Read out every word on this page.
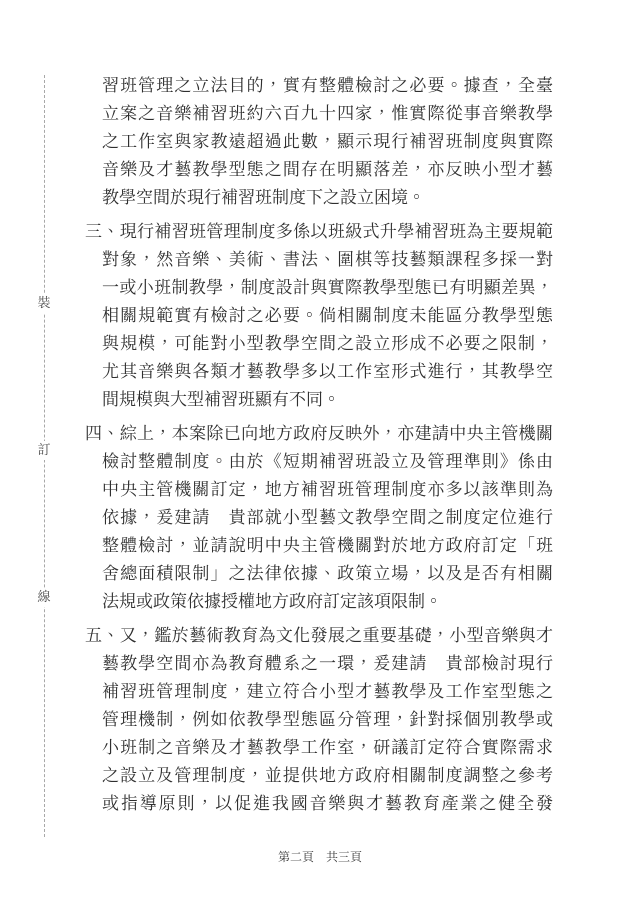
裝
訂
線
習班管理之立法目的，實有整體檢討之必要。據查，全臺
立案之音樂補習班約六百九十四家，惟實際從事音樂教學
之工作室與家教遠超過此數，顯示現行補習班制度與實際
音樂及才藝教學型態之間存在明顯落差，亦反映小型才藝
教學空間於現行補習班制度下之設立困境。
三、現行補習班管理制度多係以班級式升學補習班為主要規範
對象，然音樂、美術、書法、圍棋等技藝類課程多採一對
一或小班制教學，制度設計與實際教學型態已有明顯差異，
相關規範實有檢討之必要。倘相關制度未能區分教學型態
與規模，可能對小型教學空間之設立形成不必要之限制，
尤其音樂與各類才藝教學多以工作室形式進行，其教學空
間規模與大型補習班顯有不同。
四、綜上，本案除已向地方政府反映外，亦建請中央主管機關
檢討整體制度。由於《短期補習班設立及管理準則》係由
中央主管機關訂定，地方補習班管理制度亦多以該準則為
依據，爰建請　貴部就小型藝文教學空間之制度定位進行
整體檢討，並請說明中央主管機關對於地方政府訂定「班
舍總面積限制」之法律依據、政策立場，以及是否有相關
法規或政策依據授權地方政府訂定該項限制。
五、又，鑑於藝術教育為文化發展之重要基礎，小型音樂與才
藝教學空間亦為教育體系之一環，爰建請　貴部檢討現行
補習班管理制度，建立符合小型才藝教學及工作室型態之
管理機制，例如依教學型態區分管理，針對採個別教學或
小班制之音樂及才藝教學工作室，研議訂定符合實際需求
之設立及管理制度，並提供地方政府相關制度調整之參考
或指導原則，以促進我國音樂與才藝教育產業之健全發
第二頁　共三頁
